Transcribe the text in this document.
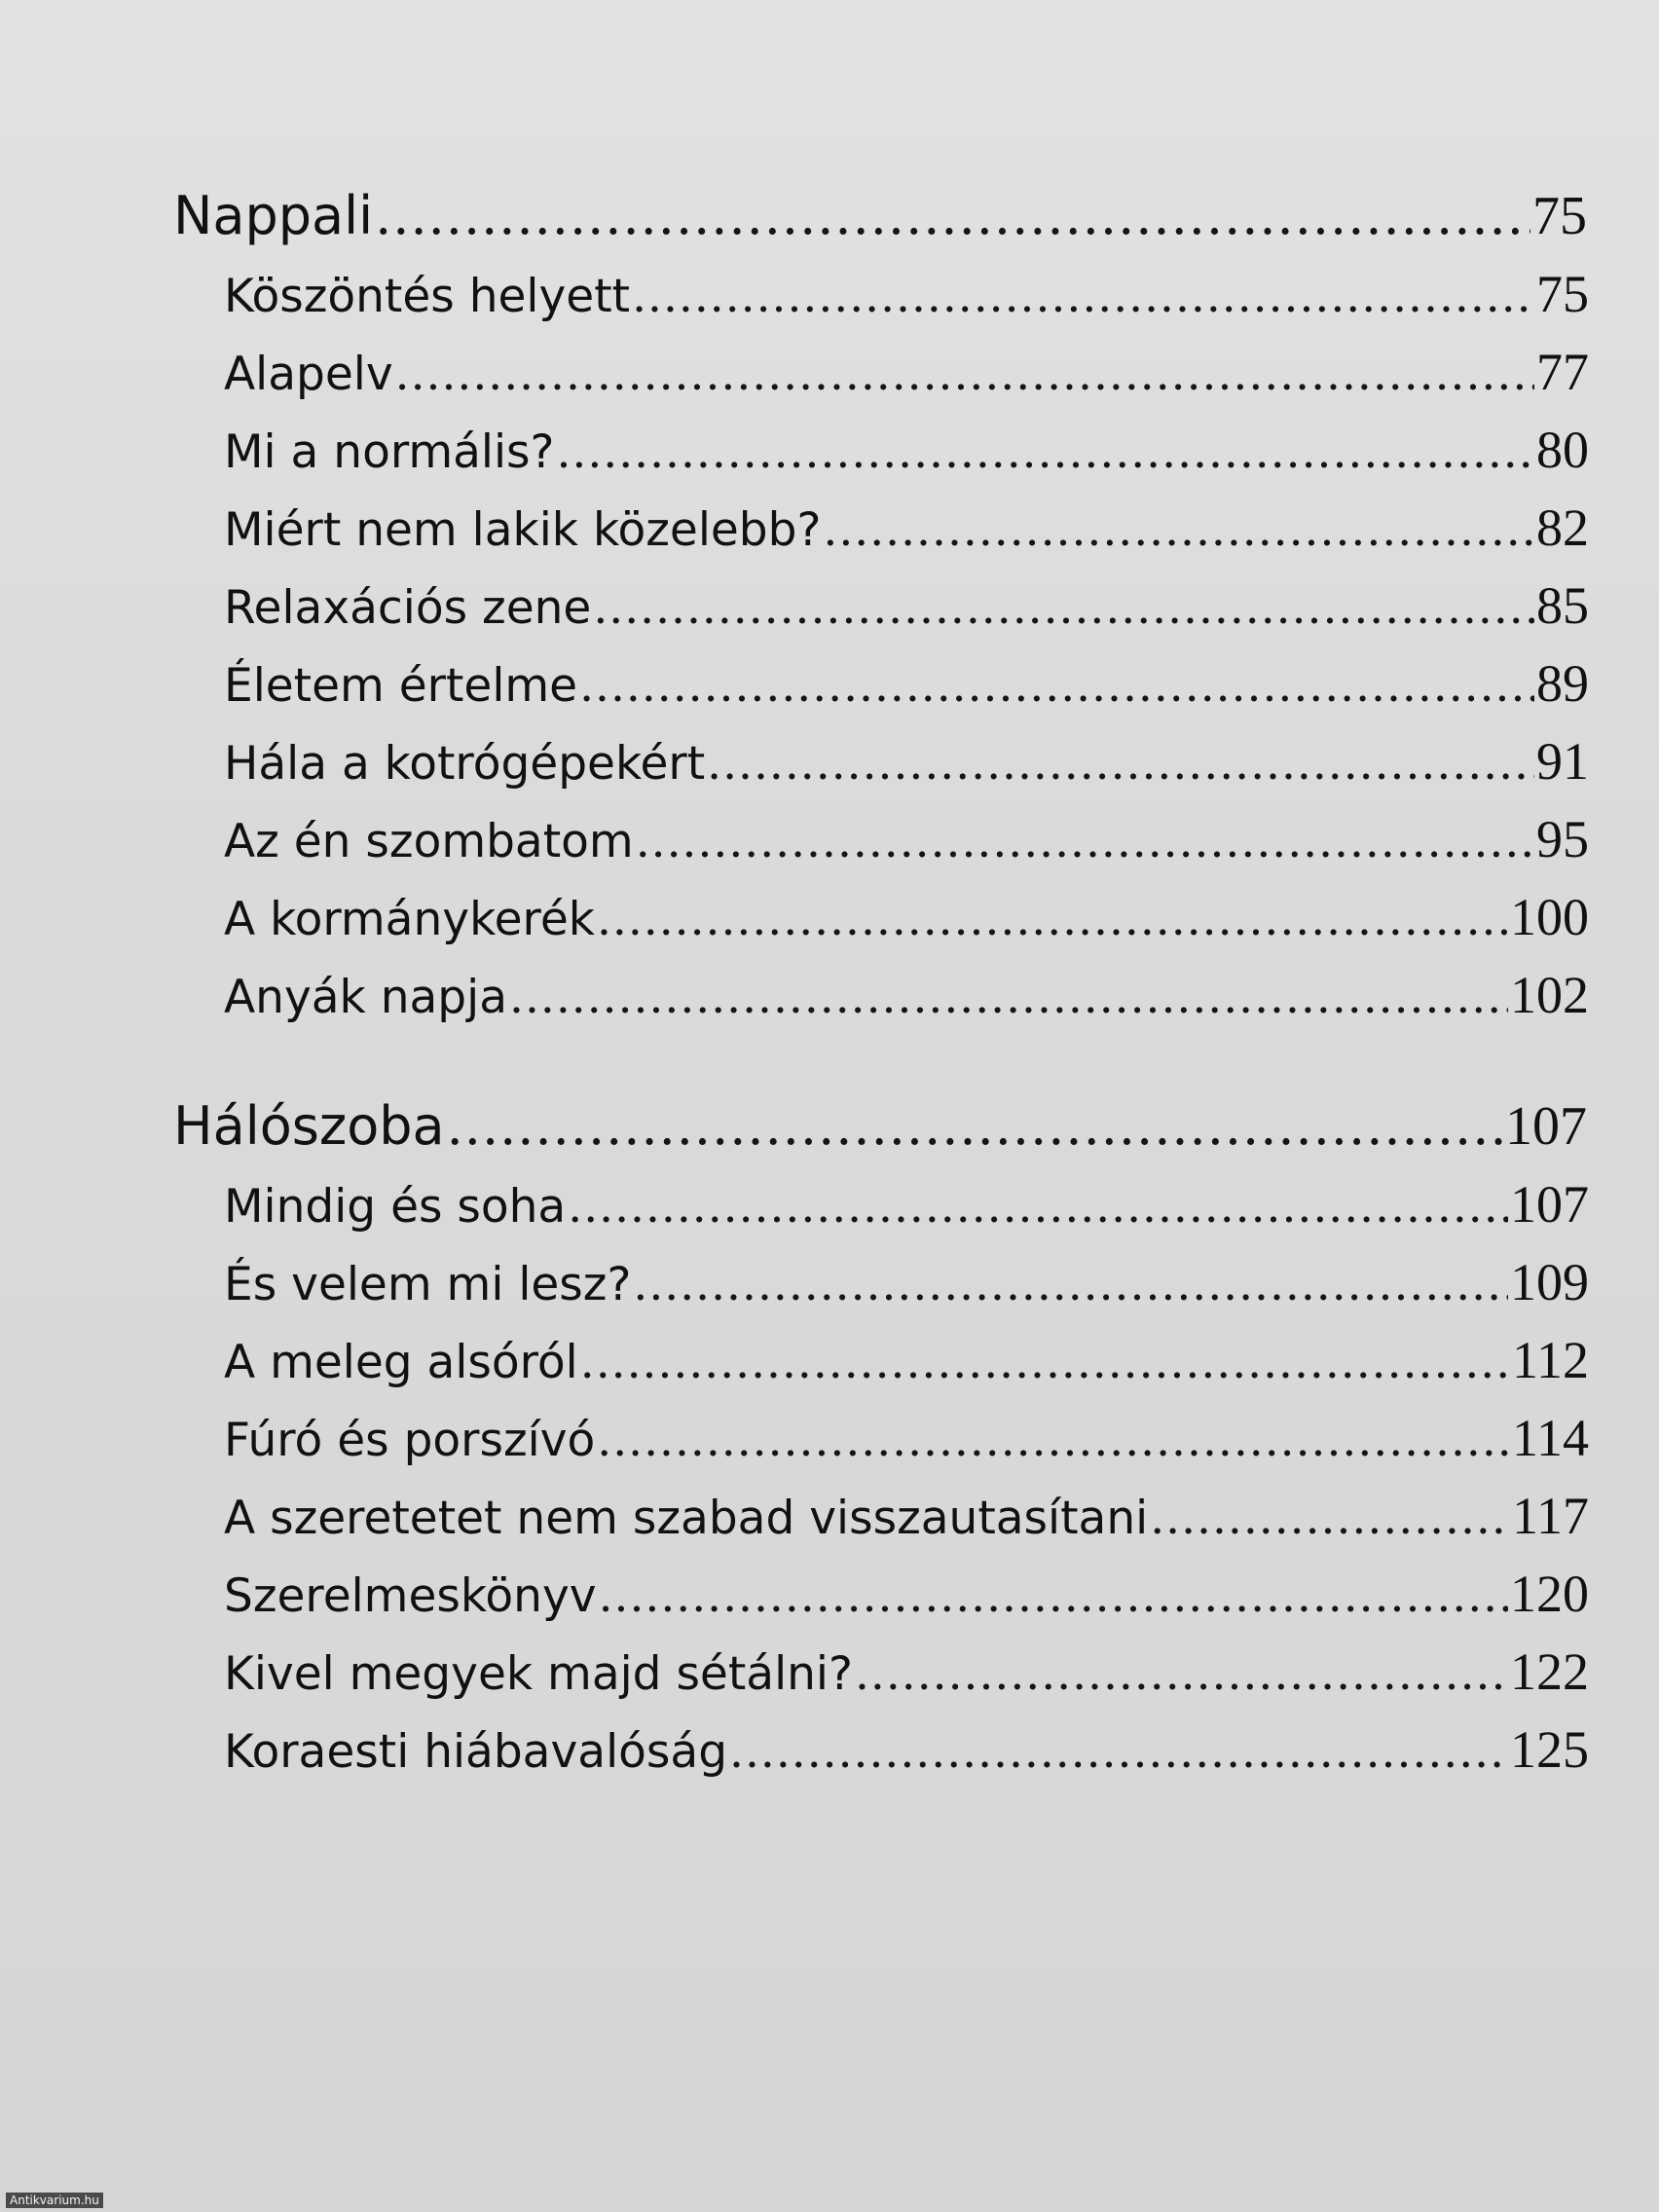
Nappali .....	75
Köszöntés helyett .....	75
Alapelv .....	77
Mi a normális? .....	80
Miért nem lakik közelebb? .....	82
Relaxációs zene .....	85
Életem értelme .....	89
Hála a kotrógépekért .....	91
Az én szombatom .....	95
A kormánykerék .....	100
Anyák napja .....	102
Hálószoba .....	107
Mindig és soha .....	107
És velem mi lesz? .....	109
A meleg alsóról .....	112
Fúró és porszívó .....	114
A szeretetet nem szabad visszautasítani .....	117
Szerelmeskönyv .....	120
Kivel megyek majd sétálni? .....	122
Koraesti hiábavalóság .....	125
Antikvarium.hu
